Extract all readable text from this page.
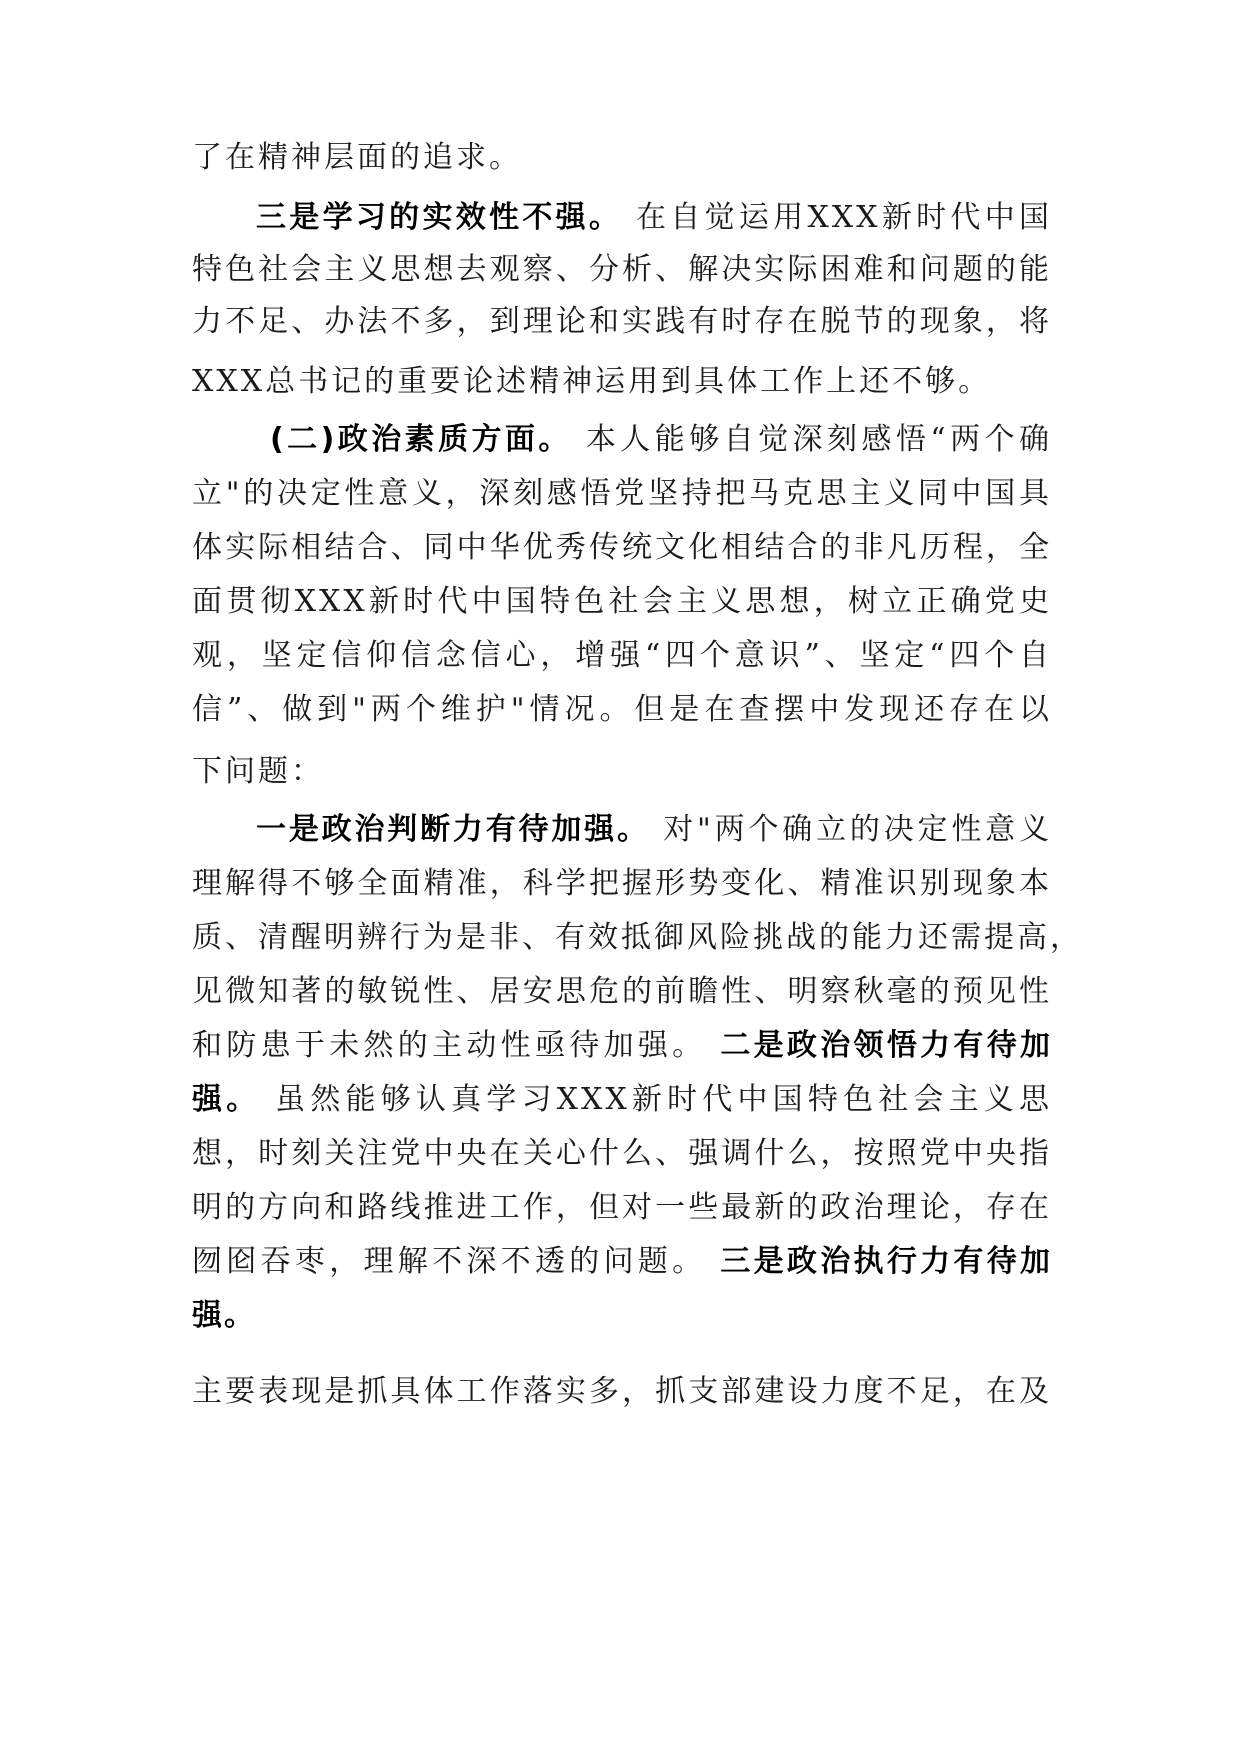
了在精神层面的追求。
三是学习的实效性不强。 在自觉运用XXX新时代中国
特色社会主义思想去观察、分析、解决实际困难和问题的能
力不足、办法不多，到理论和实践有时存在脱节的现象，将
XXX总书记的重要论述精神运用到具体工作上还不够。
(二)政治素质方面。 本人能够自觉深刻感悟“两个确
立"的决定性意义，深刻感悟党坚持把马克思主义同中国具
体实际相结合、同中华优秀传统文化相结合的非凡历程，全
面贯彻XXX新时代中国特色社会主义思想，树立正确党史
观，坚定信仰信念信心，增强“四个意识”、坚定“四个自
信”、做到"两个维护"情况。但是在查摆中发现还存在以
下问题：
一是政治判断力有待加强。 对"两个确立的决定性意义
理解得不够全面精准，科学把握形势变化、精准识别现象本
质、清醒明辨行为是非、有效抵御风险挑战的能力还需提高，
见微知著的敏锐性、居安思危的前瞻性、明察秋毫的预见性
和防患于未然的主动性亟待加强。 二是政治领悟力有待加
强。 虽然能够认真学习XXX新时代中国特色社会主义思
想，时刻关注党中央在关心什么、强调什么，按照党中央指
明的方向和路线推进工作，但对一些最新的政治理论，存在
囫囵吞枣，理解不深不透的问题。 三是政治执行力有待加
强。
主要表现是抓具体工作落实多，抓支部建设力度不足，在及
